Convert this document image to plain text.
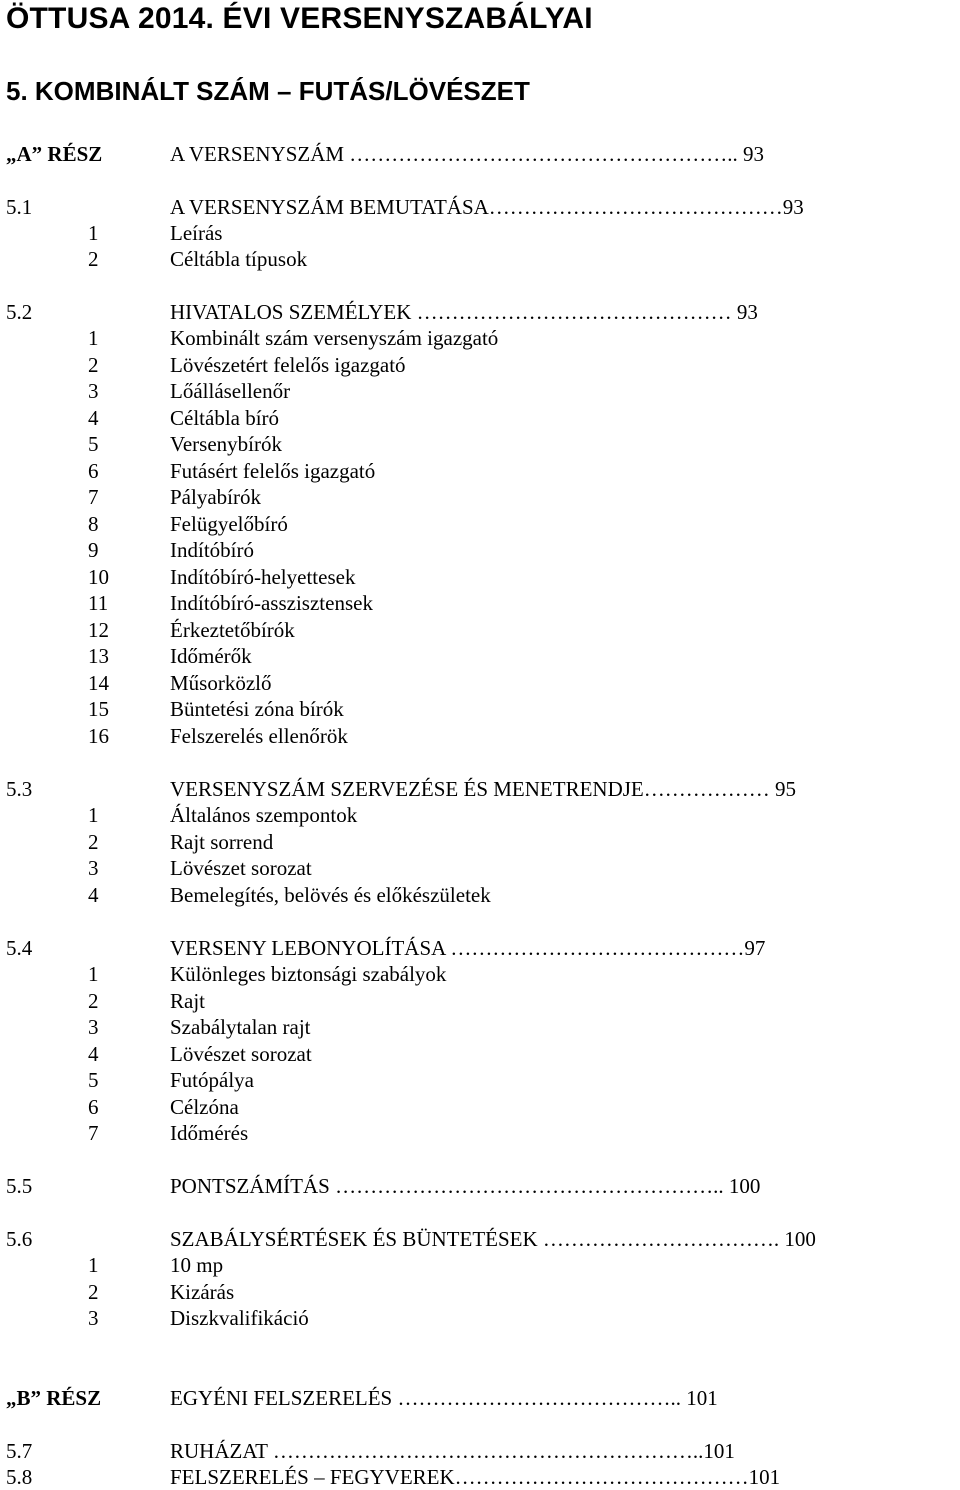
ÖTTUSA 2014. ÉVI VERSENYSZABÁLYAI
5. KOMBINÁLT SZÁM – FUTÁS/LÖVÉSZET
„A” RÉSZ	A VERSENYSZÁM ……………………………………………….. 93
5.1	A VERSENYSZÁM BEMUTATÁSA……………………………………93
1	Leírás
2	Céltábla típusok
5.2	HIVATALOS SZEMÉLYEK ……………………………………… 93
1	Kombinált szám versenyszám igazgató
2	Lövészetért felelős igazgató
3	Lőállásellenőr
4	Céltábla bíró
5	Versenybírók
6	Futásért felelős igazgató
7	Pályabírók
8	Felügyelőbíró
9	Indítóbíró
10	Indítóbíró-helyettesek
11	Indítóbíró-asszisztensek
12	Érkeztetőbírók
13	Időmérők
14	Műsorközlő
15	Büntetési zóna bírók
16	Felszerelés ellenőrök
5.3	VERSENYSZÁM SZERVEZÉSE ÉS MENETRENDJE……………… 95
1	Általános szempontok
2	Rajt sorrend
3	Lövészet sorozat
4	Bemelegítés, belövés és előkészületek
5.4	VERSENY LEBONYOLÍTÁSA ……………………………………97
1	Különleges biztonsági szabályok
2	Rajt
3	Szabálytalan rajt
4	Lövészet sorozat
5	Futópálya
6	Célzóna
7	Időmérés
5.5	PONTSZÁMÍTÁS ……………………………………………….. 100
5.6	SZABÁLYSÉRTÉSEK ÉS BÜNTETÉSEK ……………………………. 100
1	10 mp
2	Kizárás
3	Diszkvalifikáció
„B” RÉSZ	EGYÉNI FELSZERELÉS ………………………………….. 101
5.7	RUHÁZAT ……………………………………………………..101
5.8	FELSZERELÉS – FEGYVEREK……………………………………101
